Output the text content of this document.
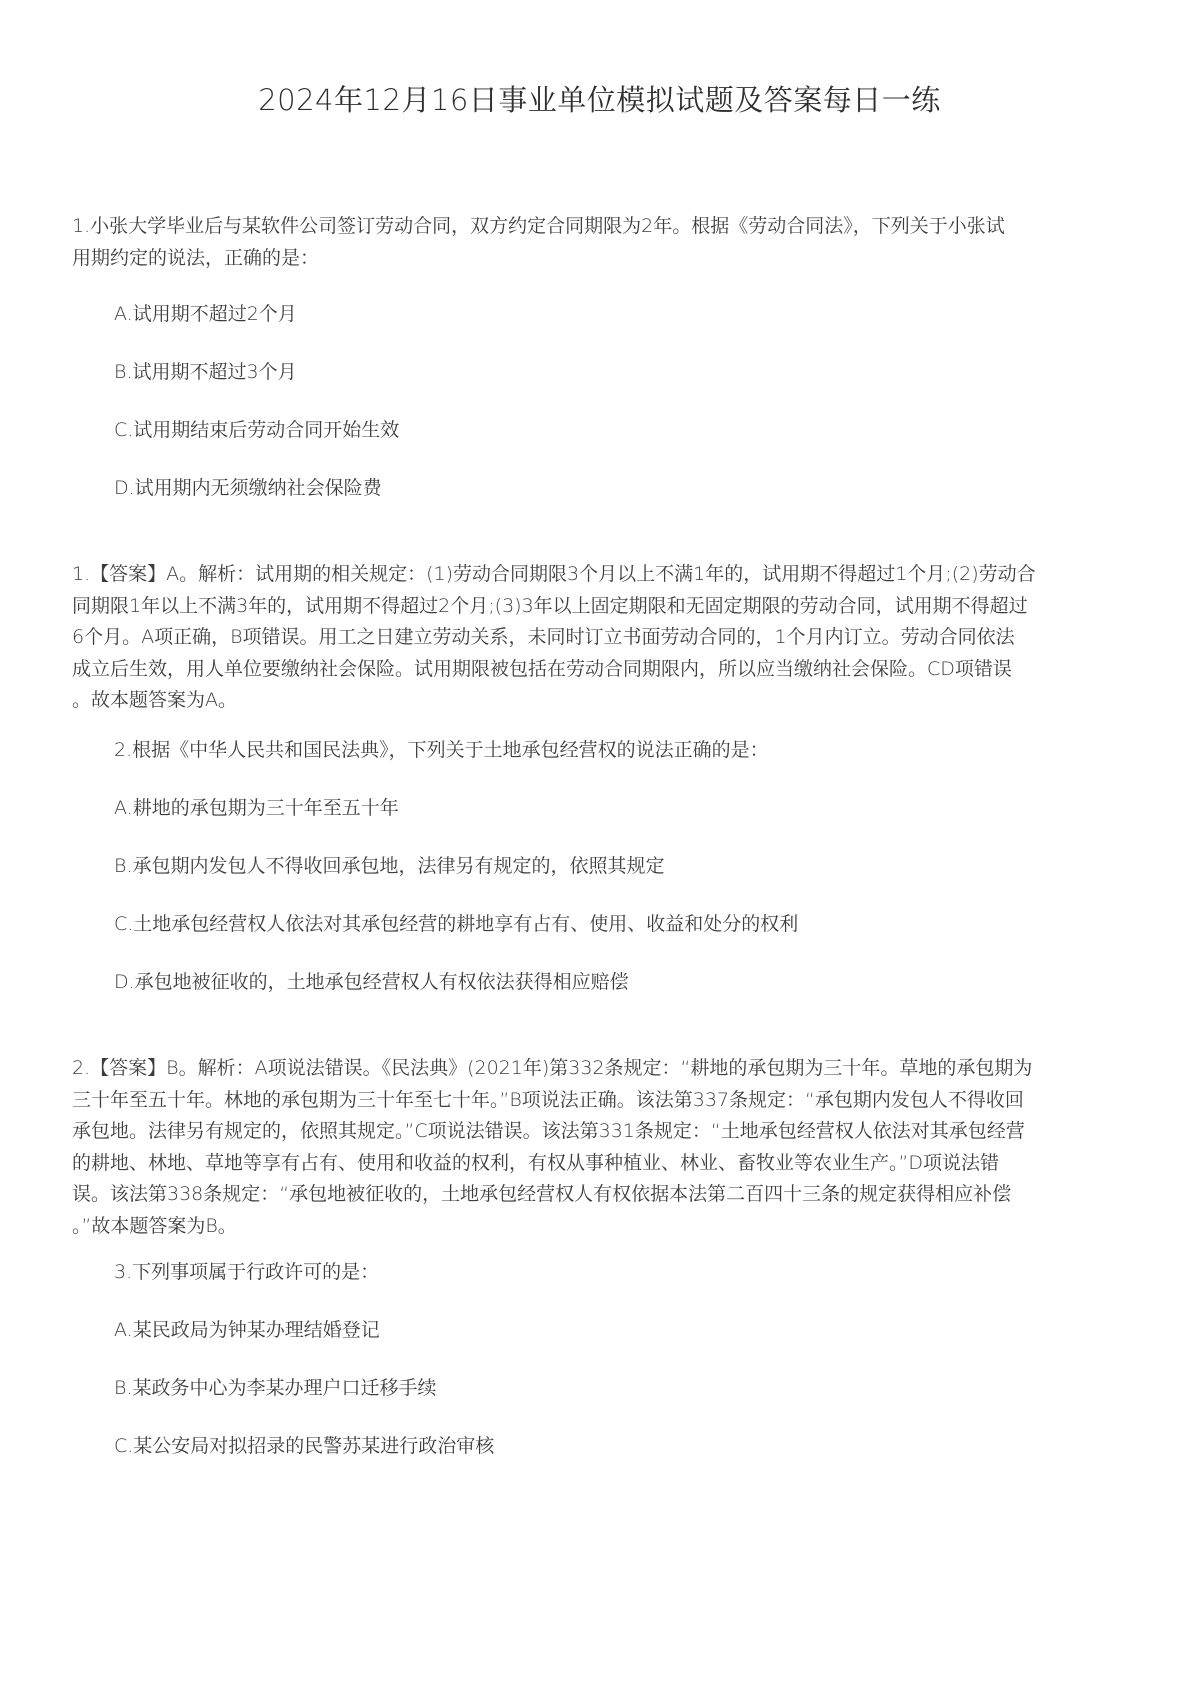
2024年12月16日事业单位模拟试题及答案每日一练

1.小张大学毕业后与某软件公司签订劳动合同，双方约定合同期限为2年。根据《劳动合同法》，下列关于小张试

用期约定的说法，正确的是：

A.试用期不超过2个月
B.试用期不超过3个月
C.试用期结束后劳动合同开始生效
D.试用期内无须缴纳社会保险费

1.【答案】A。解析：试用期的相关规定：(1)劳动合同期限3个月以上不满1年的，试用期不得超过1个月;(2)劳动合

同期限1年以上不满3年的，试用期不得超过2个月;(3)3年以上固定期限和无固定期限的劳动合同，试用期不得超过

6个月。A项正确，B项错误。用工之日建立劳动关系，未同时订立书面劳动合同的，1个月内订立。劳动合同依法

成立后生效，用人单位要缴纳社会保险。试用期限被包括在劳动合同期限内，所以应当缴纳社会保险。CD项错误

。故本题答案为A。

2.根据《中华人民共和国民法典》，下列关于土地承包经营权的说法正确的是：
A.耕地的承包期为三十年至五十年
B.承包期内发包人不得收回承包地，法律另有规定的，依照其规定
C.土地承包经营权人依法对其承包经营的耕地享有占有、使用、收益和处分的权利
D.承包地被征收的，土地承包经营权人有权依法获得相应赔偿

2.【答案】B。解析：A项说法错误。《民法典》(2021年)第332条规定：“耕地的承包期为三十年。草地的承包期为

三十年至五十年。林地的承包期为三十年至七十年。”B项说法正确。该法第337条规定：“承包期内发包人不得收回

承包地。法律另有规定的，依照其规定。”C项说法错误。该法第331条规定：“土地承包经营权人依法对其承包经营

的耕地、林地、草地等享有占有、使用和收益的权利，有权从事种植业、林业、畜牧业等农业生产。”D项说法错

误。该法第338条规定：“承包地被征收的，土地承包经营权人有权依据本法第二百四十三条的规定获得相应补偿

。”故本题答案为B。

3.下列事项属于行政许可的是：
A.某民政局为钟某办理结婚登记
B.某政务中心为李某办理户口迁移手续
C.某公安局对拟招录的民警苏某进行政治审核
